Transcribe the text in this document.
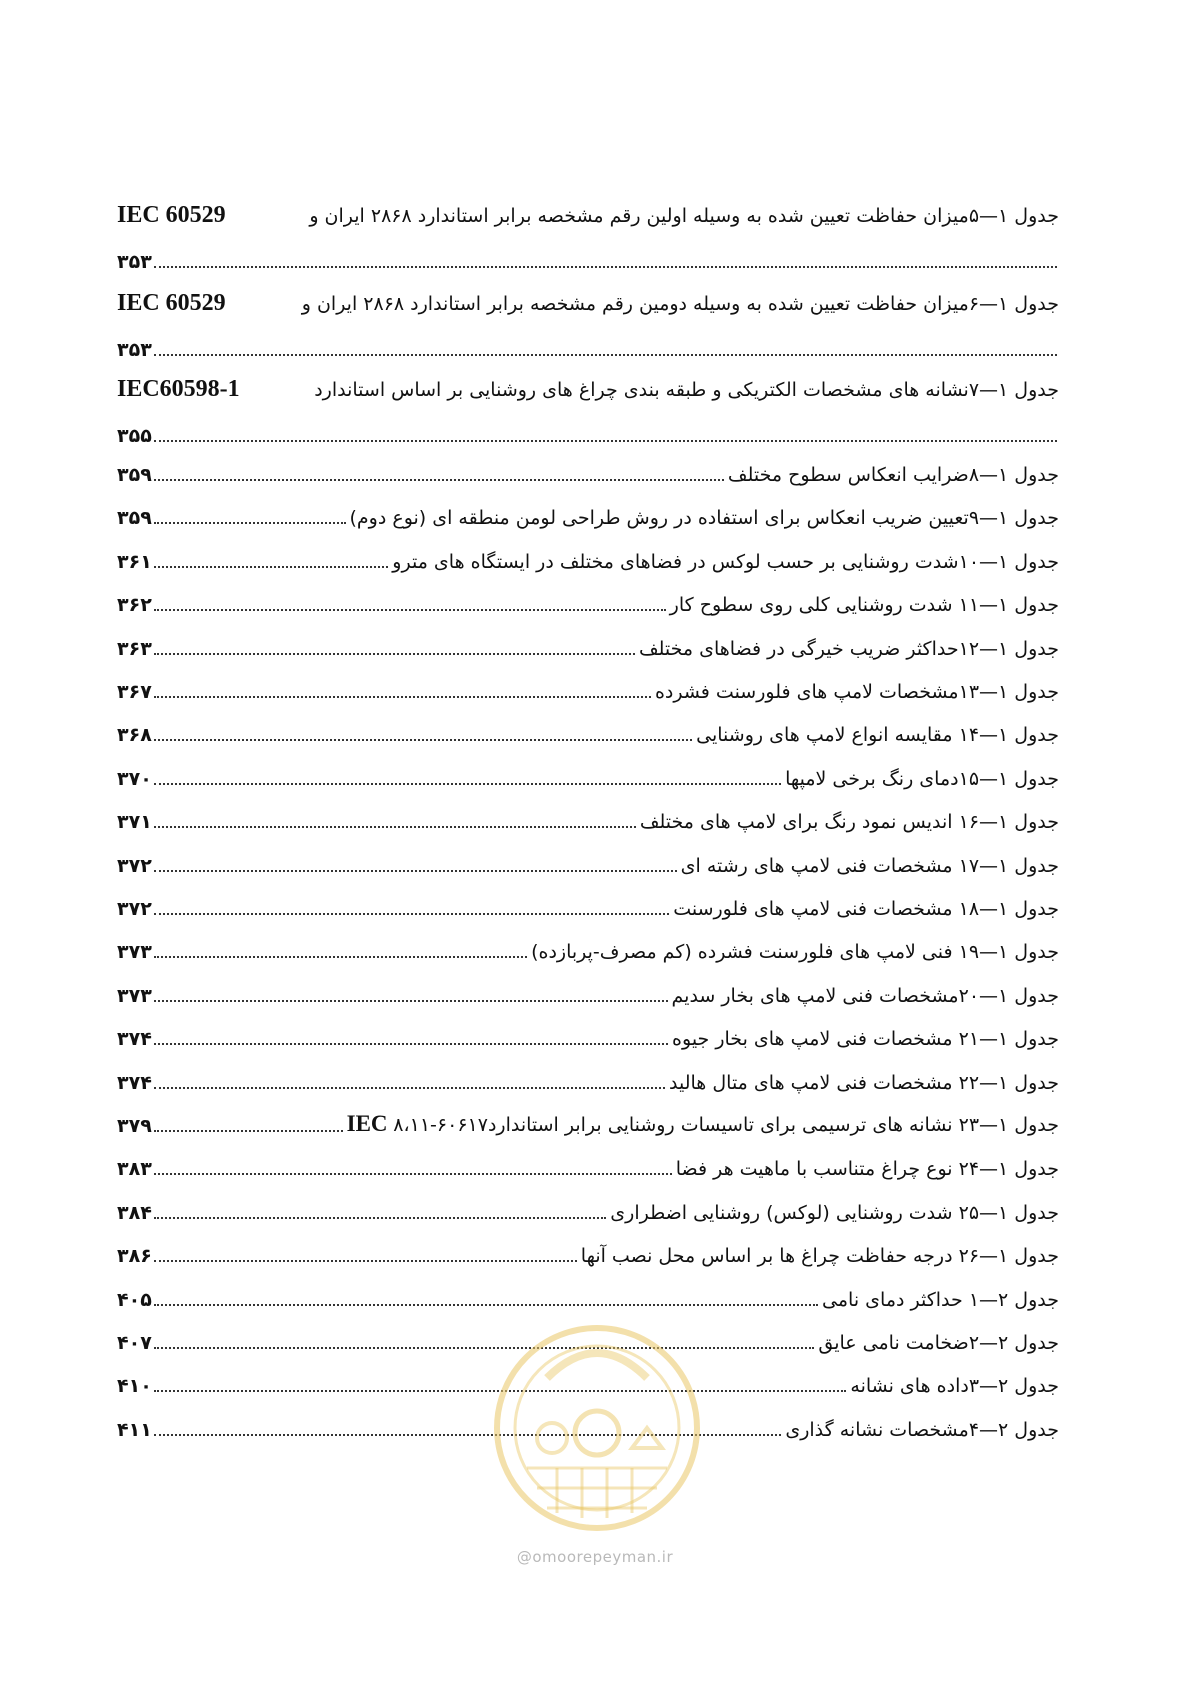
جدول ۱—۵میزان حفاظت تعیین شده به وسیله اولین رقم مشخصه برابر استاندارد ۲۸۶۸ ایران و
IEC 60529
۳۵۳
جدول ۱—۶میزان حفاظت تعیین شده به وسیله دومین رقم مشخصه برابر استاندارد ۲۸۶۸ ایران و
IEC 60529
۳۵۳
جدول ۱—۷نشانه های مشخصات الکتریکی و طبقه بندی چراغ های روشنایی بر اساس استاندارد
IEC60598-1
۳۵۵
جدول ۱—۸ضرایب انعکاس سطوح مختلف
۳۵۹
جدول ۱—۹تعیین ضریب انعکاس برای استفاده در روش طراحی لومن منطقه ای (نوع دوم)
۳۵۹
جدول ۱—۱۰شدت روشنایی بر حسب لوکس در فضاهای مختلف در ایستگاه های مترو
۳۶۱
جدول ۱—۱۱ شدت روشنایی کلی روی سطوح کار
۳۶۲
جدول ۱—۱۲حداکثر ضریب خیرگی در فضاهای مختلف
۳۶۳
جدول ۱—۱۳مشخصات لامپ های فلورسنت فشرده
۳۶۷
جدول ۱—۱۴ مقایسه انواع لامپ های روشنایی
۳۶۸
جدول ۱—۱۵دمای رنگ برخی لامپها
۳۷۰
جدول ۱—۱۶ اندیس نمود رنگ برای لامپ های مختلف
۳۷۱
جدول ۱—۱۷ مشخصات فنی لامپ های رشته ای
۳۷۲
جدول ۱—۱۸ مشخصات فنی لامپ های فلورسنت
۳۷۲
جدول ۱—۱۹ فنی لامپ های فلورسنت فشرده (کم مصرف-پربازده)
۳۷۳
جدول ۱—۲۰مشخصات فنی لامپ های بخار سدیم
۳۷۳
جدول ۱—۲۱ مشخصات فنی لامپ های بخار جیوه
۳۷۴
جدول ۱—۲۲ مشخصات فنی لامپ های متال هالید
۳۷۴
جدول ۱—۲۳ نشانه های ترسیمی برای تاسیسات روشنایی برابر استاندارد۶۰۶۱۷-۸،۱۱ IEC
۳۷۹
جدول ۱—۲۴ نوع چراغ متناسب با ماهیت هر فضا
۳۸۳
جدول ۱—۲۵ شدت روشنایی (لوکس) روشنایی اضطراری
۳۸۴
جدول ۱—۲۶ درجه حفاظت چراغ ها بر اساس محل نصب آنها
۳۸۶
جدول ۲—۱ حداکثر دمای نامی
۴۰۵
جدول ۲—۲ضخامت نامی عایق
۴۰۷
جدول ۲—۳داده های نشانه
۴۱۰
جدول ۲—۴مشخصات نشانه گذاری
۴۱۱
@omoorepeyman.ir
